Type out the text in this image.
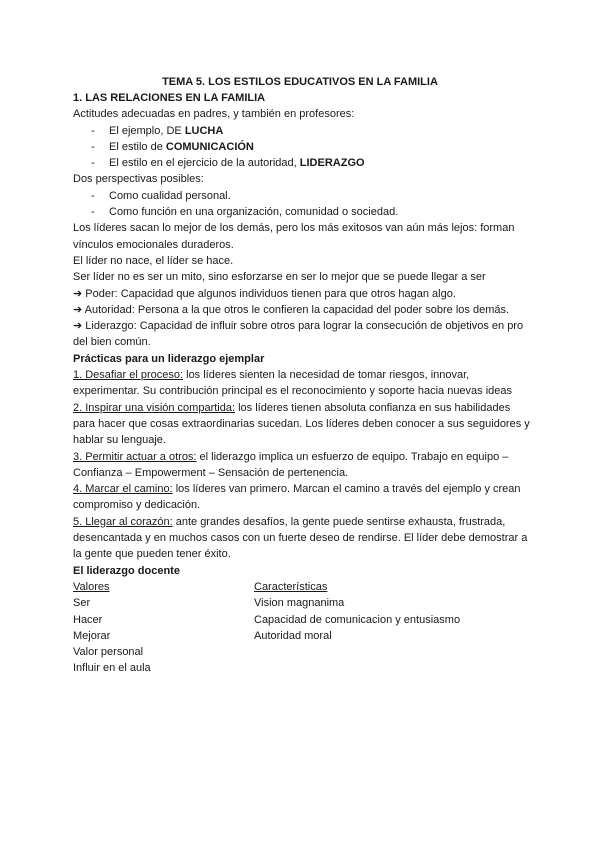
TEMA 5. LOS ESTILOS EDUCATIVOS EN LA FAMILIA
1. LAS RELACIONES EN LA FAMILIA
Actitudes adecuadas en padres, y también en profesores:
- El ejemplo, DE LUCHA
- El estilo de COMUNICACIÓN
- El estilo en el ejercicio de la autoridad, LIDERAZGO
Dos perspectivas posibles:
- Como cualidad personal.
- Como función en una organización, comunidad o sociedad.
Los líderes sacan lo mejor de los demás, pero los más exitosos van aún más lejos: forman
vínculos emocionales duraderos.
El líder no nace, el líder se hace.
Ser líder no es ser un mito, sino esforzarse en ser lo mejor que se puede llegar a ser
➔ Poder: Capacidad que algunos individuos tienen para que otros hagan algo.
➔ Autoridad: Persona a la que otros le confieren la capacidad del poder sobre los demás.
➔ Liderazgo: Capacidad de influir sobre otros para lograr la consecución de objetivos en pro
del bien común.
Prácticas para un liderazgo ejemplar
1. Desafiar el proceso: los líderes sienten la necesidad de tomar riesgos, innovar,
experimentar. Su contribución principal es el reconocimiento y soporte hacia nuevas ideas
2. Inspirar una visión compartida: los líderes tienen absoluta confianza en sus habilidades
para hacer que cosas extraordinarias sucedan. Los líderes deben conocer a sus seguidores y
hablar su lenguaje.
3. Permitir actuar a otros: el liderazgo implica un esfuerzo de equipo. Trabajo en equipo –
Confianza – Empowerment – Sensación de pertenencia.
4. Marcar el camino: los líderes van primero. Marcan el camino a través del ejemplo y crean
compromiso y dedicación.
5. Llegar al corazón: ante grandes desafíos, la gente puede sentirse exhausta, frustrada,
desencantada y en muchos casos con un fuerte deseo de rendirse. El líder debe demostrar a
la gente que pueden tener éxito.
El liderazgo docente
Valores	Características
Ser	Vision magnanima
Hacer	Capacidad de comunicacion y entusiasmo
Mejorar	Autoridad moral
Valor personal
Influir en el aula
